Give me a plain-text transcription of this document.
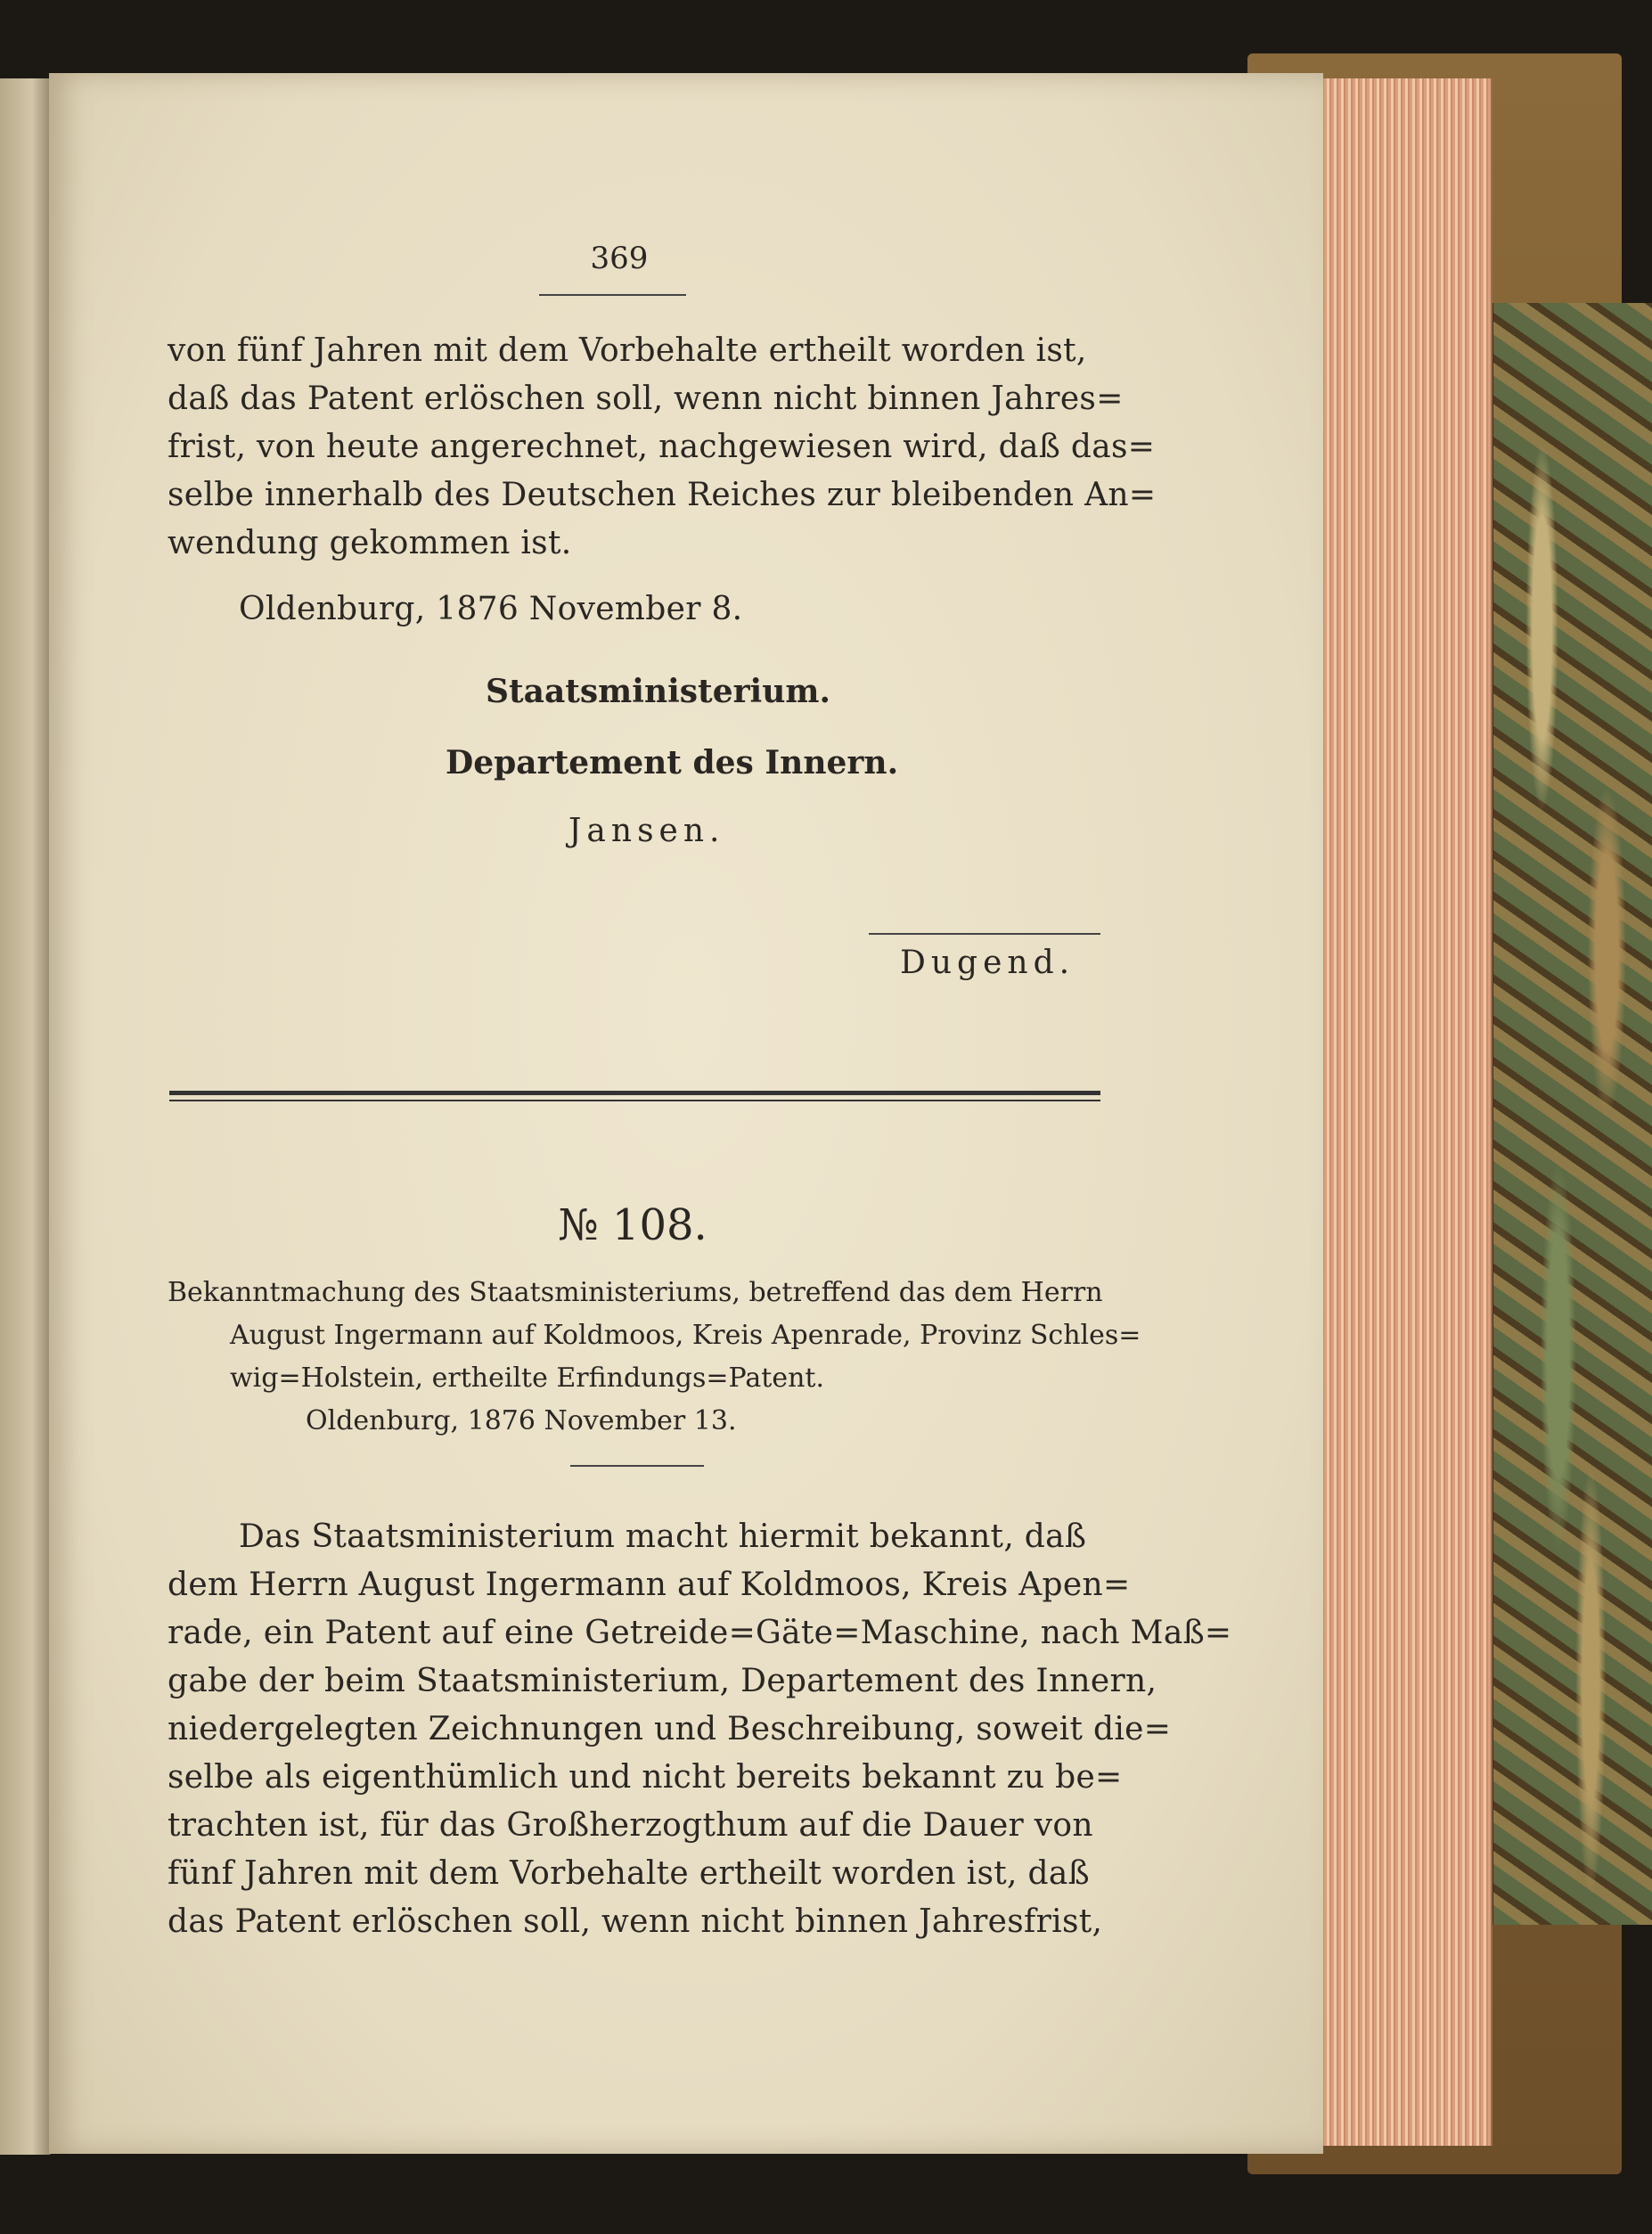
369
von fünf Jahren mit dem Vorbehalte ertheilt worden ist,
daß das Patent erlöschen soll, wenn nicht binnen Jahres=
frist, von heute angerechnet, nachgewiesen wird, daß das=
selbe innerhalb des Deutschen Reiches zur bleibenden An=
wendung gekommen ist.
Oldenburg, 1876 November 8.
Staatsministerium.
Departement des Innern.
Jansen.
Dugend.
№ 108.
Bekanntmachung des Staatsministeriums, betreffend das dem Herrn
August Ingermann auf Koldmoos, Kreis Apenrade, Provinz Schles=
wig=Holstein, ertheilte Erfindungs=Patent.
Oldenburg, 1876 November 13.
Das Staatsministerium macht hiermit bekannt, daß
dem Herrn August Ingermann auf Koldmoos, Kreis Apen=
rade, ein Patent auf eine Getreide=Gäte=Maschine, nach Maß=
gabe der beim Staatsministerium, Departement des Innern,
niedergelegten Zeichnungen und Beschreibung, soweit die=
selbe als eigenthümlich und nicht bereits bekannt zu be=
trachten ist, für das Großherzogthum auf die Dauer von
fünf Jahren mit dem Vorbehalte ertheilt worden ist, daß
das Patent erlöschen soll, wenn nicht binnen Jahresfrist,
